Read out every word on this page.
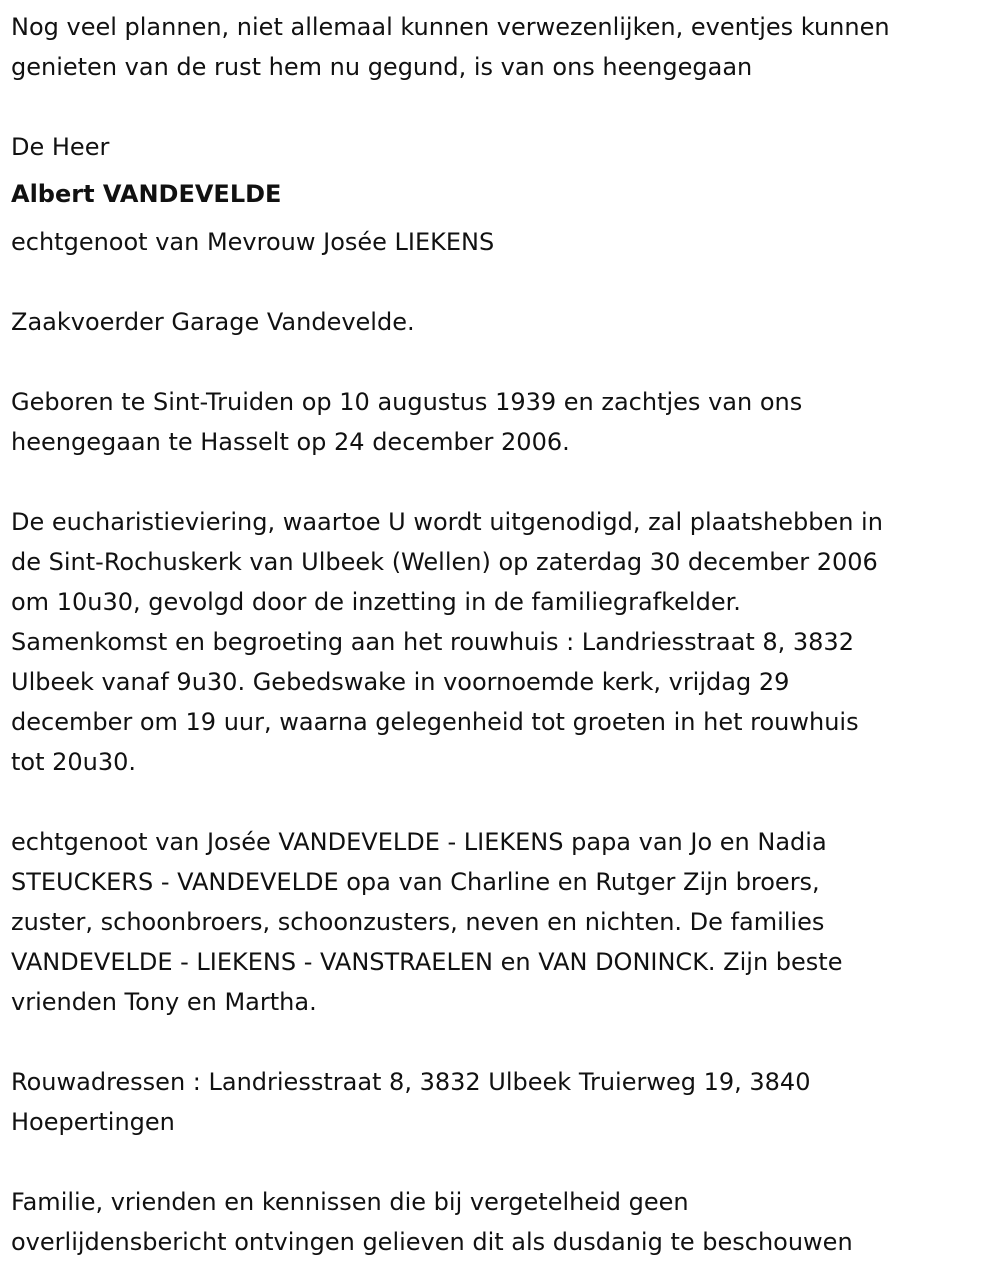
Nog veel plannen, niet allemaal kunnen verwezenlijken, eventjes kunnen
genieten van de rust hem nu gegund, is van ons heengegaan
De Heer
Albert VANDEVELDE
echtgenoot van Mevrouw Josée LIEKENS
Zaakvoerder Garage Vandevelde.
Geboren te Sint-Truiden op 10 augustus 1939 en zachtjes van ons
heengegaan te Hasselt op 24 december 2006.
De eucharistieviering, waartoe U wordt uitgenodigd, zal plaatshebben in
de Sint-Rochuskerk van Ulbeek (Wellen) op zaterdag 30 december 2006
om 10u30, gevolgd door de inzetting in de familiegrafkelder.
Samenkomst en begroeting aan het rouwhuis : Landriesstraat 8, 3832
Ulbeek vanaf 9u30. Gebedswake in voornoemde kerk, vrijdag 29
december om 19 uur, waarna gelegenheid tot groeten in het rouwhuis
tot 20u30.
echtgenoot van Josée VANDEVELDE - LIEKENS papa van Jo en Nadia
STEUCKERS - VANDEVELDE opa van Charline en Rutger Zijn broers,
zuster, schoonbroers, schoonzusters, neven en nichten. De families
VANDEVELDE - LIEKENS - VANSTRAELEN en VAN DONINCK. Zijn beste
vrienden Tony en Martha.
Rouwadressen : Landriesstraat 8, 3832 Ulbeek Truierweg 19, 3840
Hoepertingen
Familie, vrienden en kennissen die bij vergetelheid geen
overlijdensbericht ontvingen gelieven dit als dusdanig te beschouwen
